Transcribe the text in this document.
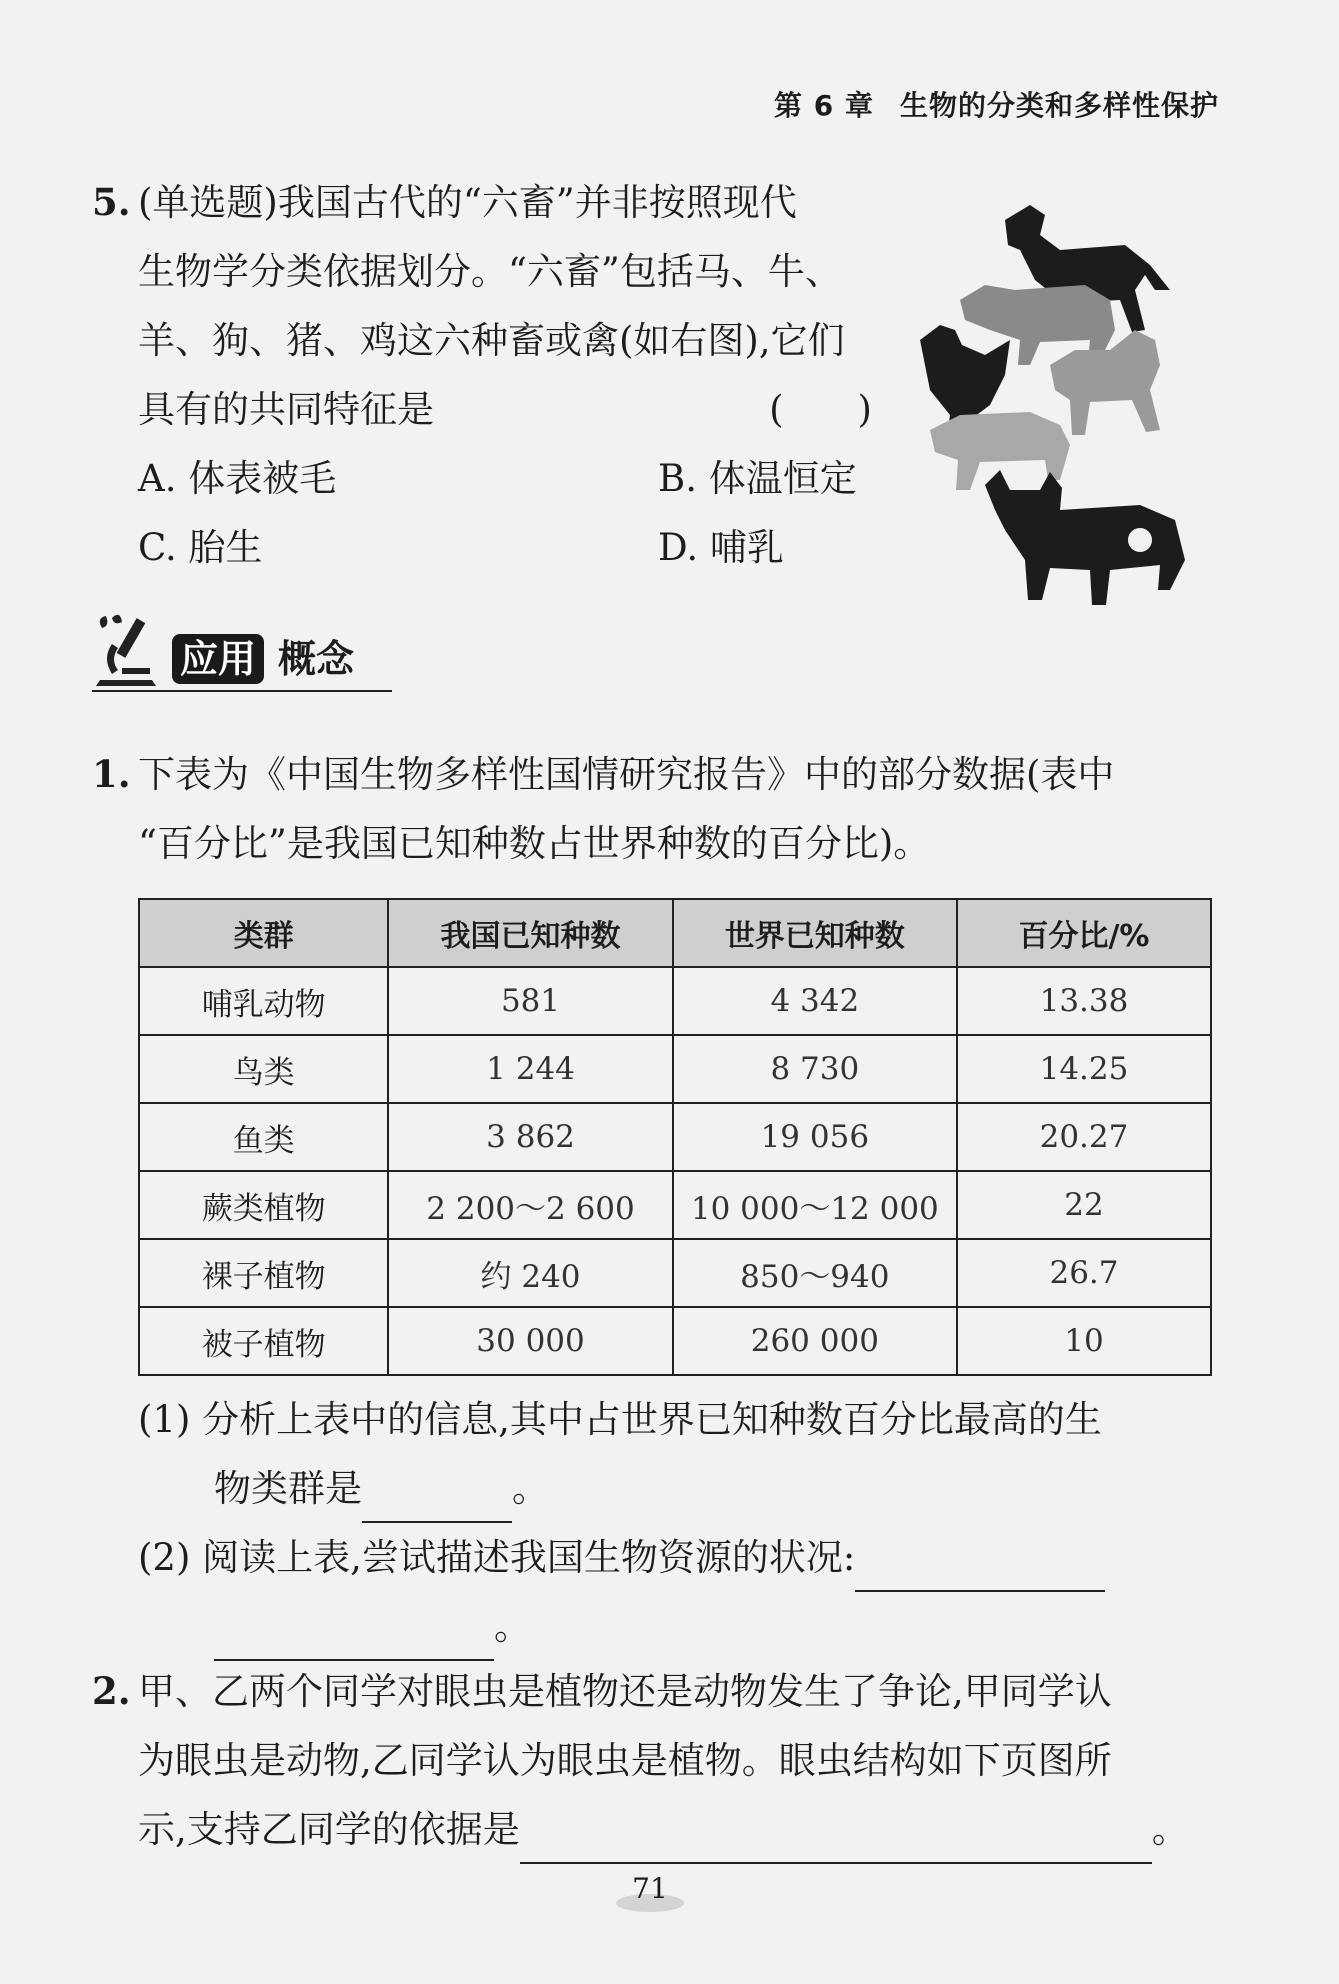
第 6 章 生物的分类和多样性保护
5. (单选题)我国古代的“六畜”并非按照现代
生物学分类依据划分。“六畜”包括马、牛、
羊、狗、猪、鸡这六种畜或禽(如右图),它们
具有的共同特征是	(　　)
A. 体表被毛	B. 体温恒定
C. 胎生	D. 哺乳
应用 概念
1. 下表为《中国生物多样性国情研究报告》中的部分数据(表中
“百分比”是我国已知种数占世界种数的百分比)。
类群	我国已知种数	世界已知种数	百分比/%
哺乳动物	581	4 342	13.38
鸟类	1 244	8 730	14.25
鱼类	3 862	19 056	20.27
蕨类植物	2 200～2 600	10 000～12 000	22
裸子植物	约 240	850～940	26.7
被子植物	30 000	260 000	10
(1) 分析上表中的信息,其中占世界已知种数百分比最高的生
物类群是	。
(2) 阅读上表,尝试描述我国生物资源的状况:
。
2. 甲、乙两个同学对眼虫是植物还是动物发生了争论,甲同学认
为眼虫是动物,乙同学认为眼虫是植物。眼虫结构如下页图所
示,支持乙同学的依据是	。
71
